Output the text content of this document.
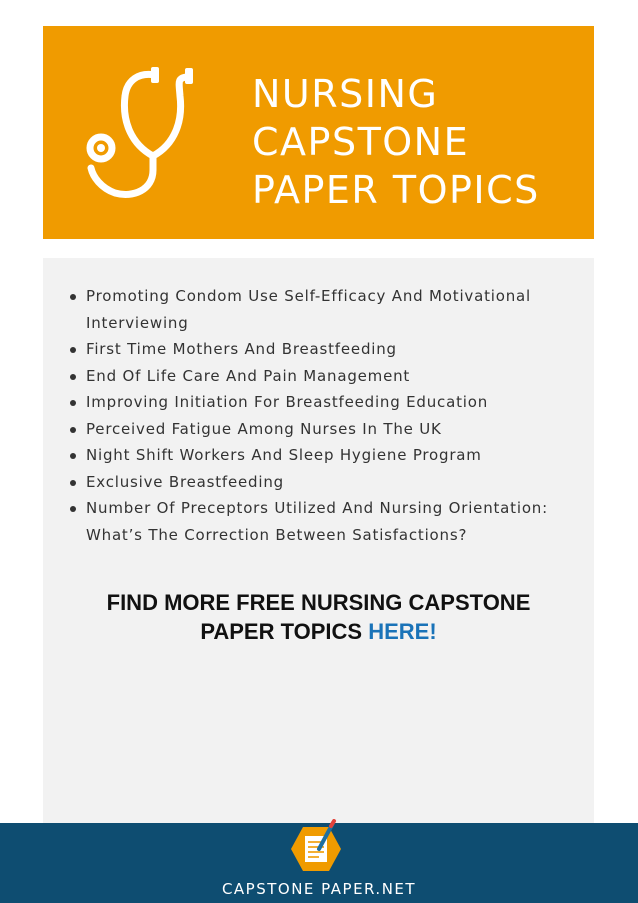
NURSING
CAPSTONE
PAPER TOPICS
Promoting Condom Use Self-Efficacy And Motivational Interviewing
First Time Mothers And Breastfeeding
End Of Life Care And Pain Management
Improving Initiation For Breastfeeding Education
Perceived Fatigue Among Nurses In The UK
Night Shift Workers And Sleep Hygiene Program
Exclusive Breastfeeding
Number Of Preceptors Utilized And Nursing Orientation: What’s The Correction Between Satisfactions?

FIND MORE FREE NURSING CAPSTONE
PAPER TOPICS HERE!

CAPSTONE PAPER.NET
